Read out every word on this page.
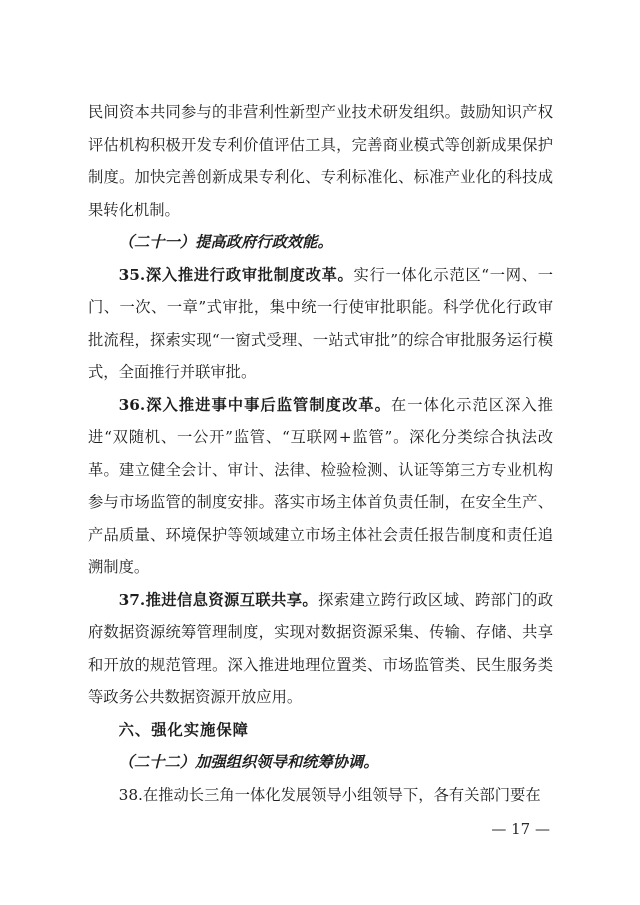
民间资本共同参与的非营利性新型产业技术研发组织。鼓励知识产权评估机构积极开发专利价值评估工具，完善商业模式等创新成果保护制度。加快完善创新成果专利化、专利标准化、标准产业化的科技成果转化机制。

（二十一）提高政府行政效能。

35.深入推进行政审批制度改革。实行一体化示范区“一网、一门、一次、一章”式审批，集中统一行使审批职能。科学优化行政审批流程，探索实现“一窗式受理、一站式审批”的综合审批服务运行模式，全面推行并联审批。

36.深入推进事中事后监管制度改革。在一体化示范区深入推进“双随机、一公开”监管、“互联网+监管”。深化分类综合执法改革。建立健全会计、审计、法律、检验检测、认证等第三方专业机构参与市场监管的制度安排。落实市场主体首负责任制，在安全生产、产品质量、环境保护等领域建立市场主体社会责任报告制度和责任追溯制度。

37.推进信息资源互联共享。探索建立跨行政区域、跨部门的政府数据资源统筹管理制度，实现对数据资源采集、传输、存储、共享和开放的规范管理。深入推进地理位置类、市场监管类、民生服务类等政务公共数据资源开放应用。

六、强化实施保障

（二十二）加强组织领导和统筹协调。

38.在推动长三角一体化发展领导小组领导下，各有关部门要在

— 17 —
